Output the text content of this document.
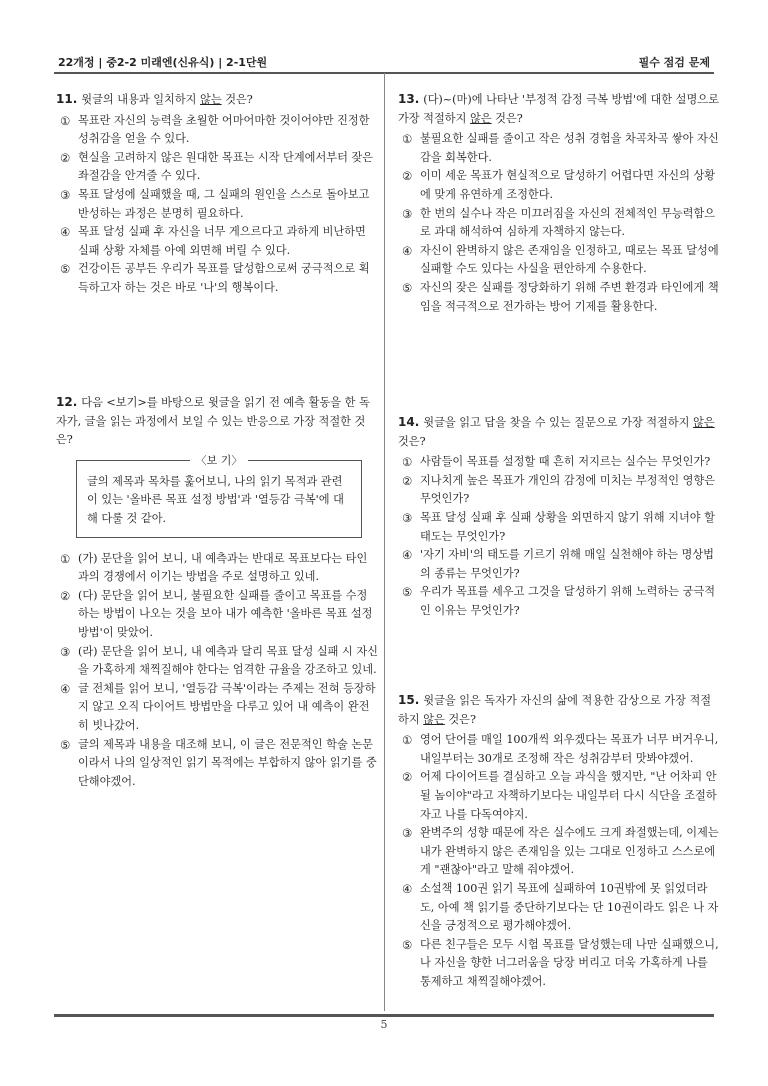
22개정 | 중2-2 미래엔(신유식) | 2-1단원	필수 점검 문제

11. 윗글의 내용과 일치하지 않는 것은?

① 목표란 자신의 능력을 초월한 어마어마한 것이어야만 진정한 성취감을 얻을 수 있다.
② 현실을 고려하지 않은 원대한 목표는 시작 단계에서부터 잦은 좌절감을 안겨줄 수 있다.
③ 목표 달성에 실패했을 때, 그 실패의 원인을 스스로 돌아보고 반성하는 과정은 분명히 필요하다.
④ 목표 달성 실패 후 자신을 너무 게으르다고 과하게 비난하면 실패 상황 자체를 아예 외면해 버릴 수 있다.
⑤ 건강이든 공부든 우리가 목표를 달성함으로써 궁극적으로 획득하고자 하는 것은 바로 '나'의 행복이다.

12. 다음 <보기>를 바탕으로 윗글을 읽기 전 예측 활동을 한 독자가, 글을 읽는 과정에서 보일 수 있는 반응으로 가장 적절한 것은?

〈보 기〉

글의 제목과 목차를 훑어보니, 나의 읽기 목적과 관련이 있는 '올바른 목표 설정 방법'과 '열등감 극복'에 대해 다룰 것 같아.

① (가) 문단을 읽어 보니, 내 예측과는 반대로 목표보다는 타인과의 경쟁에서 이기는 방법을 주로 설명하고 있네.
② (다) 문단을 읽어 보니, 불필요한 실패를 줄이고 목표를 수정하는 방법이 나오는 것을 보아 내가 예측한 '올바른 목표 설정 방법'이 맞았어.
③ (라) 문단을 읽어 보니, 내 예측과 달리 목표 달성 실패 시 자신을 가혹하게 채찍질해야 한다는 엄격한 규율을 강조하고 있네.
④ 글 전체를 읽어 보니, '열등감 극복'이라는 주제는 전혀 등장하지 않고 오직 다이어트 방법만을 다루고 있어 내 예측이 완전히 빗나갔어.
⑤ 글의 제목과 내용을 대조해 보니, 이 글은 전문적인 학술 논문이라서 나의 일상적인 읽기 목적에는 부합하지 않아 읽기를 중단해야겠어.

13. (다)~(마)에 나타난 '부정적 감정 극복 방법'에 대한 설명으로 가장 적절하지 않은 것은?

① 불필요한 실패를 줄이고 작은 성취 경험을 차곡차곡 쌓아 자신감을 회복한다.
② 이미 세운 목표가 현실적으로 달성하기 어렵다면 자신의 상황에 맞게 유연하게 조정한다.
③ 한 번의 실수나 작은 미끄러짐을 자신의 전체적인 무능력함으로 과대 해석하여 심하게 자책하지 않는다.
④ 자신이 완벽하지 않은 존재임을 인정하고, 때로는 목표 달성에 실패할 수도 있다는 사실을 편안하게 수용한다.
⑤ 자신의 잦은 실패를 정당화하기 위해 주변 환경과 타인에게 책임을 적극적으로 전가하는 방어 기제를 활용한다.

14. 윗글을 읽고 답을 찾을 수 있는 질문으로 가장 적절하지 않은 것은?

① 사람들이 목표를 설정할 때 흔히 저지르는 실수는 무엇인가?
② 지나치게 높은 목표가 개인의 감정에 미치는 부정적인 영향은 무엇인가?
③ 목표 달성 실패 후 실패 상황을 외면하지 않기 위해 지녀야 할 태도는 무엇인가?
④ '자기 자비'의 태도를 기르기 위해 매일 실천해야 하는 명상법의 종류는 무엇인가?
⑤ 우리가 목표를 세우고 그것을 달성하기 위해 노력하는 궁극적인 이유는 무엇인가?

15. 윗글을 읽은 독자가 자신의 삶에 적용한 감상으로 가장 적절하지 않은 것은?

① 영어 단어를 매일 100개씩 외우겠다는 목표가 너무 버거우니, 내일부터는 30개로 조정해 작은 성취감부터 맛봐야겠어.
② 어제 다이어트를 결심하고 오늘 과식을 했지만, "난 어차피 안 될 놈이야"라고 자책하기보다는 내일부터 다시 식단을 조절하자고 나를 다독여야지.
③ 완벽주의 성향 때문에 작은 실수에도 크게 좌절했는데, 이제는 내가 완벽하지 않은 존재임을 있는 그대로 인정하고 스스로에게 "괜찮아"라고 말해 줘야겠어.
④ 소설책 100권 읽기 목표에 실패하여 10권밖에 못 읽었더라도, 아예 책 읽기를 중단하기보다는 단 10권이라도 읽은 나 자신을 긍정적으로 평가해야겠어.
⑤ 다른 친구들은 모두 시험 목표를 달성했는데 나만 실패했으니, 나 자신을 향한 너그러움을 당장 버리고 더욱 가혹하게 나를 통제하고 채찍질해야겠어.
5
